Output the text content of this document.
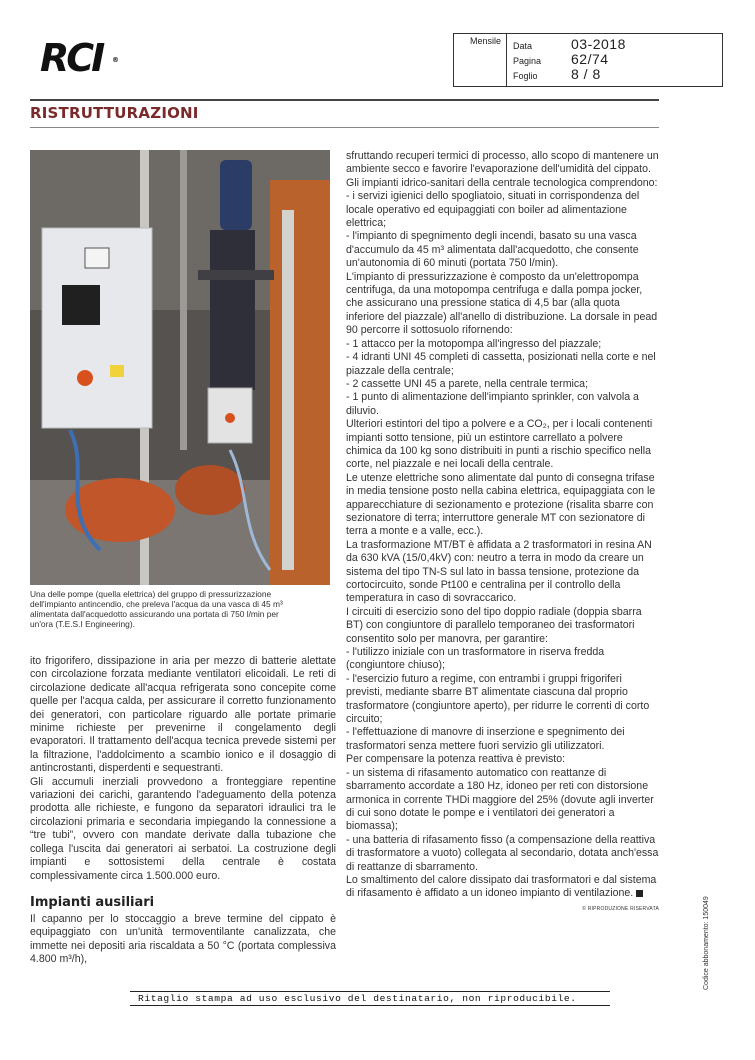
RCI ®
Mensile	Data	03-2018
Pagina	62/74
Foglio	8 / 8
RISTRUTTURAZIONI

Una delle pompe (quella elettrica) del gruppo di pressurizzazione

dell'impianto antincendio, che preleva l'acqua da una vasca di 45 m³

alimentata dall'acquedotto assicurando una portata di 750 l/min per

un'ora (T.E.S.I Engineering).

ito frigorifero, dissipazione in aria per mezzo di batterie alettate con circolazione forzata mediante ventilatori elicoidali. Le reti di circolazione dedicate all'acqua refrigerata sono concepite come quelle per l'acqua calda, per assicurare il corretto funzionamento dei generatori, con particolare riguardo alle portate primarie minime richieste per prevenirne il congelamento degli evaporatori. Il trattamento dell'acqua tecnica prevede sistemi per la filtrazione, l'addolcimento a scambio ionico e il dosaggio di antincrostanti, disperdenti e sequestranti.

Gli accumuli inerziali provvedono a fronteggiare repentine variazioni dei carichi, garantendo l'adeguamento della potenza prodotta alle richieste, e fungono da separatori idraulici tra le circolazioni primaria e secondaria impiegando la connessione a “tre tubi”, ovvero con mandate derivate dalla tubazione che collega l'uscita dai generatori ai serbatoi. La costruzione degli impianti e sottosistemi della centrale è costata complessivamente circa 1.500.000 euro.

Impianti ausiliari

Il capanno per lo stoccaggio a breve termine del cippato è equipaggiato con un'unità termoventilante canalizzata, che immette nei depositi aria riscaldata a 50 °C (portata complessiva 4.800 m³/h),

sfruttando recuperi termici di processo, allo scopo di mantenere un ambiente secco e favorire l'evaporazione dell'umidità del cippato.

Gli impianti idrico-sanitari della centrale tecnologica comprendono:

- i servizi igienici dello spogliatoio, situati in corrispondenza del locale operativo ed equipaggiati con boiler ad alimentazione elettrica;

- l'impianto di spegnimento degli incendi, basato su una vasca d'accumulo da 45 m³ alimentata dall'acquedotto, che consente un'autonomia di 60 minuti (portata 750 l/min).

L'impianto di pressurizzazione è composto da un'elettropompa centrifuga, da una motopompa centrifuga e dalla pompa jocker, che assicurano una pressione statica di 4,5 bar (alla quota inferiore del piazzale) all'anello di distribuzione. La dorsale in pead 90 percorre il sottosuolo rifornendo:

- 1 attacco per la motopompa all'ingresso del piazzale;

- 4 idranti UNI 45 completi di cassetta, posizionati nella corte e nel piazzale della centrale;

- 2 cassette UNI 45 a parete, nella centrale termica;

- 1 punto di alimentazione dell'impianto sprinkler, con valvola a diluvio.

Ulteriori estintori del tipo a polvere e a CO₂, per i locali contenenti impianti sotto tensione, più un estintore carrellato a polvere chimica da 100 kg sono distribuiti in punti a rischio specifico nella corte, nel piazzale e nei locali della centrale.

Le utenze elettriche sono alimentate dal punto di consegna trifase in media tensione posto nella cabina elettrica, equipaggiata con le apparecchiature di sezionamento e protezione (risalita sbarre con sezionatore di terra; interruttore generale MT con sezionatore di terra a monte e a valle, ecc.).

La trasformazione MT/BT è affidata a 2 trasformatori in resina AN da 630 kVA (15/0,4kV) con: neutro a terra in modo da creare un sistema del tipo TN-S sul lato in bassa tensione, protezione da cortocircuito, sonde Pt100 e centralina per il controllo della temperatura in caso di sovraccarico.

I circuiti di esercizio sono del tipo doppio radiale (doppia sbarra BT) con congiuntore di parallelo temporaneo dei trasformatori consentito solo per manovra, per garantire:

- l'utilizzo iniziale con un trasformatore in riserva fredda (congiuntore chiuso);

- l'esercizio futuro a regime, con entrambi i gruppi frigoriferi previsti, mediante sbarre BT alimentate ciascuna dal proprio trasformatore (congiuntore aperto), per ridurre le correnti di corto circuito;

- l'effettuazione di manovre di inserzione e spegnimento dei trasformatori senza mettere fuori servizio gli utilizzatori.

Per compensare la potenza reattiva è previsto:

- un sistema di rifasamento automatico con reattanze di sbarramento accordate a 180 Hz, idoneo per reti con distorsione armonica in corrente THDi maggiore del 25% (dovute agli inverter di cui sono dotate le pompe e i ventilatori dei generatori a biomassa);

- una batteria di rifasamento fisso (a compensazione della reattiva di trasformatore a vuoto) collegata al secondario, dotata anch'essa di reattanze di sbarramento.

Lo smaltimento del calore dissipato dai trasformatori e dal sistema di rifasamento è affidato a un idoneo impianto di ventilazione.

© RIPRODUZIONE RISERVATA	Codice abbonamento: 150049
Ritaglio stampa ad uso esclusivo del destinatario, non riproducibile.
